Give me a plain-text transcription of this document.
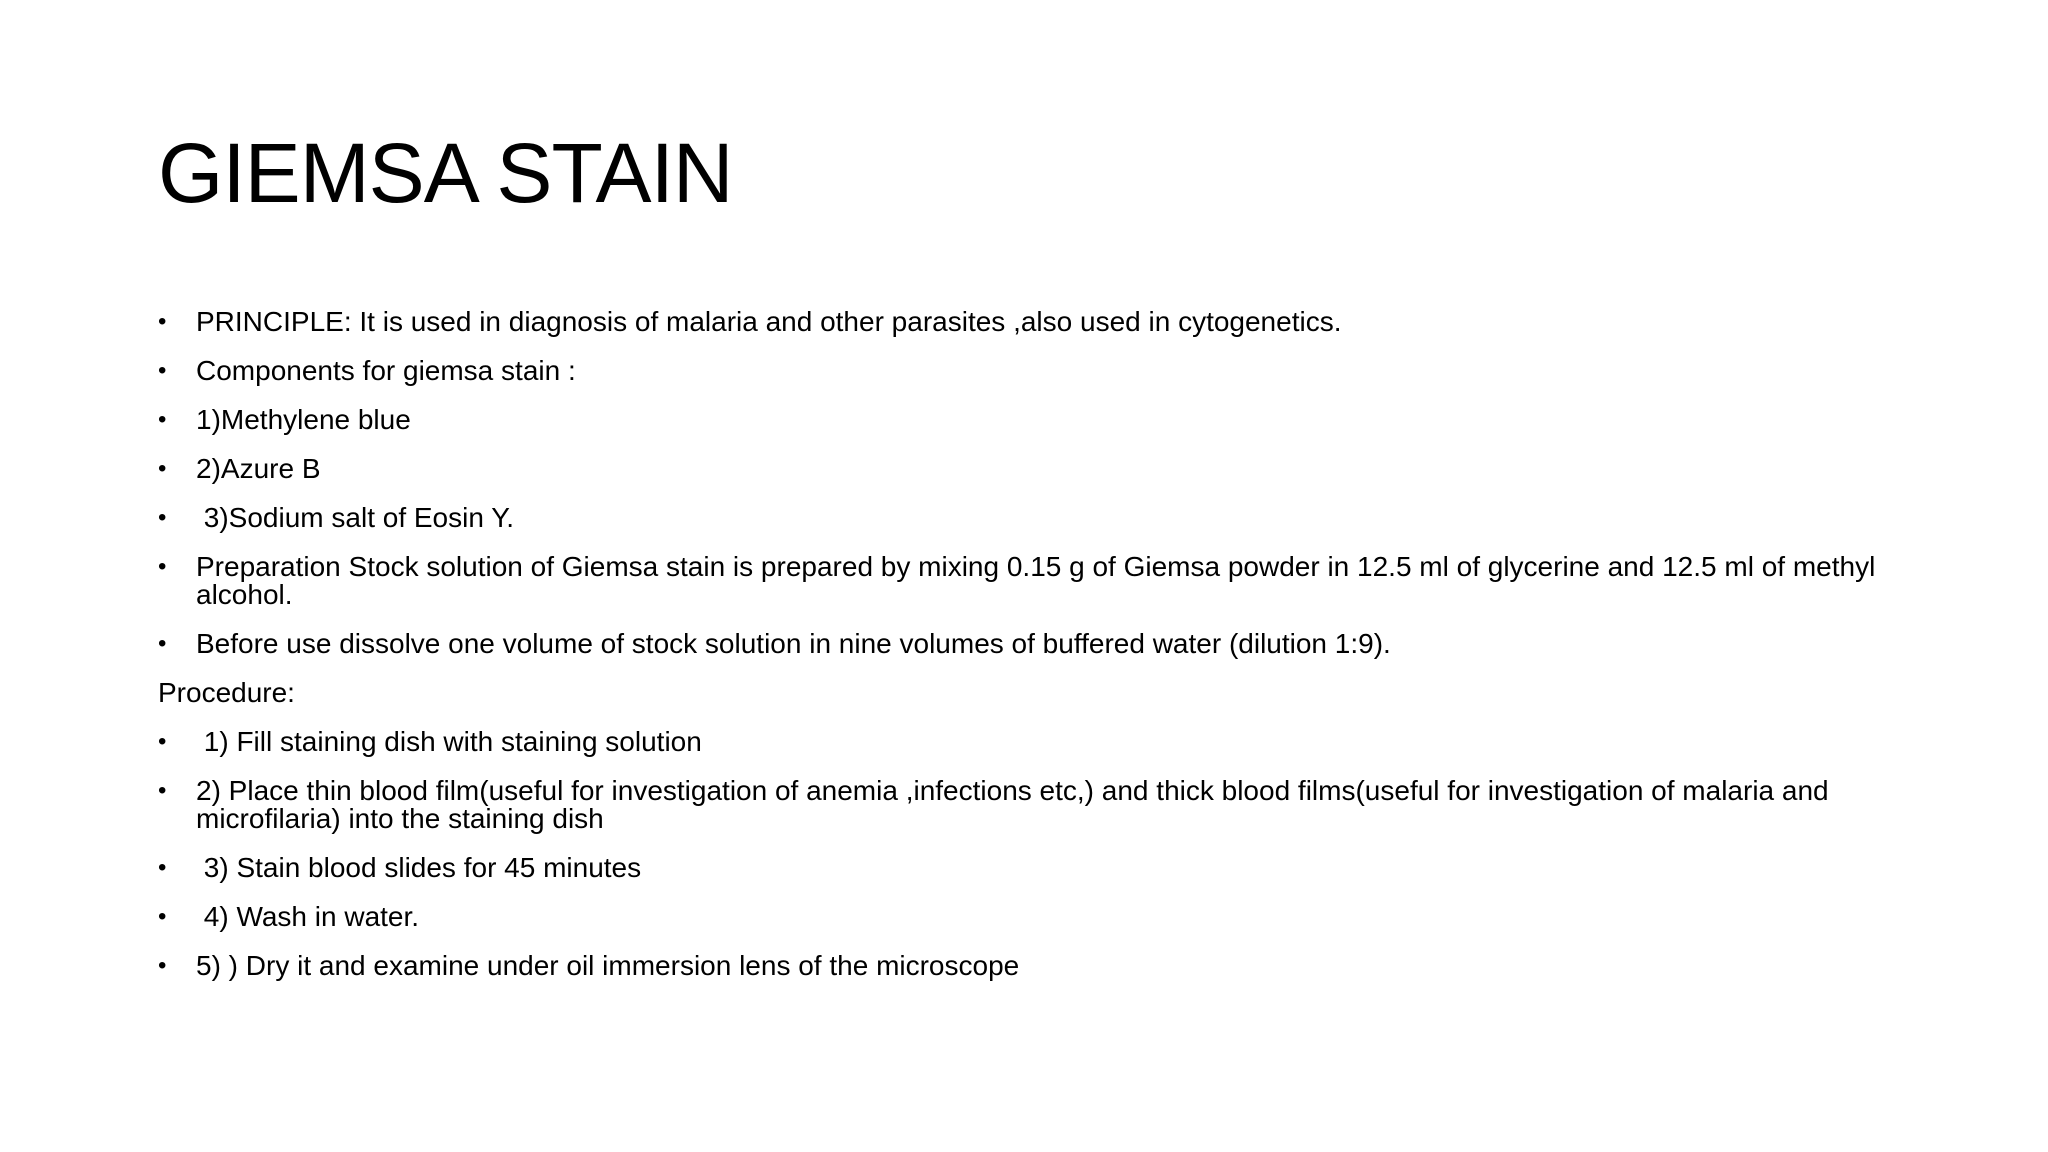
GIEMSA STAIN
• PRINCIPLE: It is used in diagnosis of malaria and other parasites ,also used in cytogenetics.
• Components for giemsa stain :
• 1)Methylene blue
• 2)Azure B
•  3)Sodium salt of Eosin Y.
• Preparation Stock solution of Giemsa stain is prepared by mixing 0.15 g of Giemsa powder in 12.5 ml of glycerine and 12.5 ml of methyl alcohol.
• Before use dissolve one volume of stock solution in nine volumes of buffered water (dilution 1:9).
Procedure:
•  1) Fill staining dish with staining solution
• 2) Place thin blood film(useful for investigation of anemia ,infections etc,) and thick blood films(useful for investigation of malaria and microfilaria) into the staining dish
•  3) Stain blood slides for 45 minutes
•  4) Wash in water.
• 5) ) Dry it and examine under oil immersion lens of the microscope
